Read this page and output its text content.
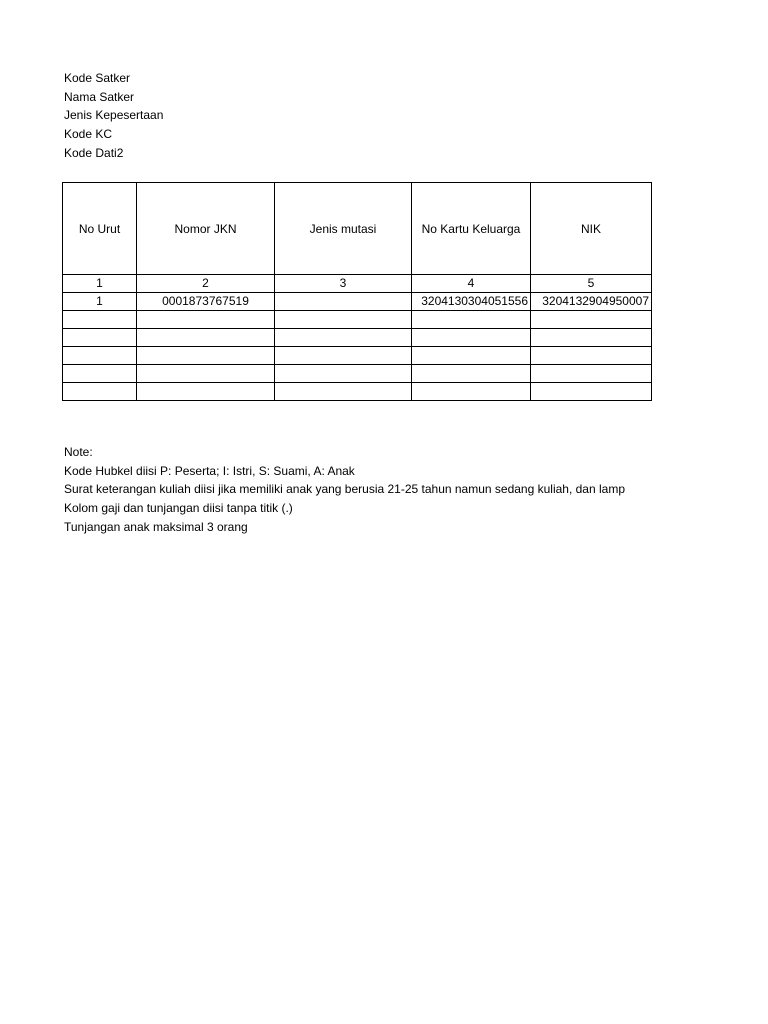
Kode Satker
Nama Satker
Jenis Kepesertaan
Kode KC
Kode Dati2
No Urut	Nomor JKN	Jenis mutasi	No Kartu Keluarga	NIK
1	2	3	4	5
1	0001873767519		3204130304051556	3204132904950007

Note:
Kode Hubkel diisi P: Peserta; I: Istri, S: Suami, A: Anak
Surat keterangan kuliah diisi jika memiliki anak yang berusia 21-25 tahun namun sedang kuliah, dan lamp
Kolom gaji dan tunjangan diisi tanpa titik (.)
Tunjangan anak maksimal 3 orang
